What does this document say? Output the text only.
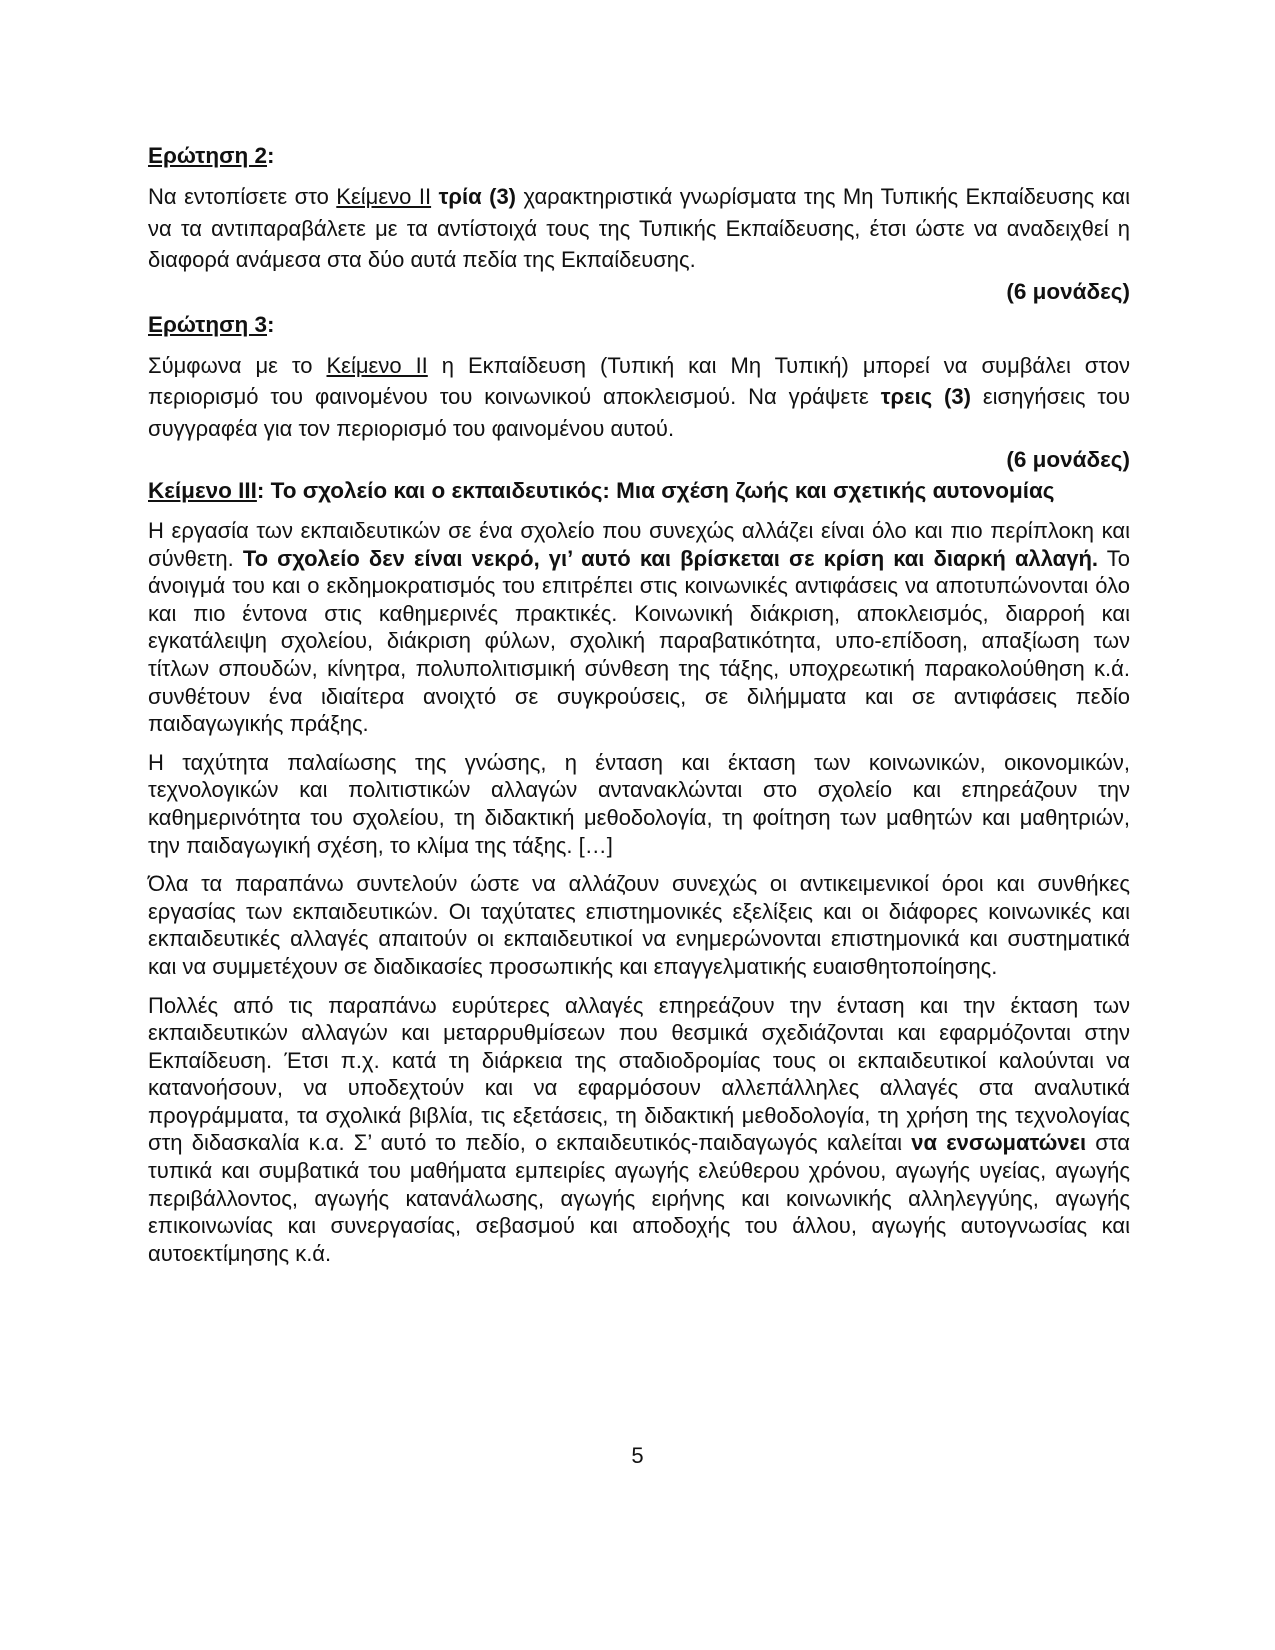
Ερώτηση 2:

Να εντοπίσετε στο Κείμενο ΙΙ τρία (3) χαρακτηριστικά γνωρίσματα της Μη Τυπικής Εκπαίδευσης και να τα αντιπαραβάλετε με τα αντίστοιχά τους της Τυπικής Εκπαίδευσης, έτσι ώστε να αναδειχθεί η διαφορά ανάμεσα στα δύο αυτά πεδία της Εκπαίδευσης.

(6 μονάδες)

Ερώτηση 3:

Σύμφωνα με το Κείμενο ΙΙ η Εκπαίδευση (Τυπική και Μη Τυπική) μπορεί να συμβάλει στον περιορισμό του φαινομένου του κοινωνικού αποκλεισμού. Να γράψετε τρεις (3) εισηγήσεις του συγγραφέα για τον περιορισμό του φαινομένου αυτού.

(6 μονάδες)

Κείμενο ΙΙΙ: Το σχολείο και ο εκπαιδευτικός: Μια σχέση ζωής και σχετικής αυτονομίας

Η εργασία των εκπαιδευτικών σε ένα σχολείο που συνεχώς αλλάζει είναι όλο και πιο περίπλοκη και σύνθετη. Το σχολείο δεν είναι νεκρό, γι’ αυτό και βρίσκεται σε κρίση και διαρκή αλλαγή. Το άνοιγμά του και ο εκδημοκρατισμός του επιτρέπει στις κοινωνικές αντιφάσεις να αποτυπώνονται όλο και πιο έντονα στις καθημερινές πρακτικές. Κοινωνική διάκριση, αποκλεισμός, διαρροή και εγκατάλειψη σχολείου, διάκριση φύλων, σχολική παραβατικότητα, υπο-επίδοση, απαξίωση των τίτλων σπουδών, κίνητρα, πολυπολιτισμική σύνθεση της τάξης, υποχρεωτική παρακολούθηση κ.ά. συνθέτουν ένα ιδιαίτερα ανοιχτό σε συγκρούσεις, σε διλήμματα και σε αντιφάσεις πεδίο παιδαγωγικής πράξης.

Η ταχύτητα παλαίωσης της γνώσης, η ένταση και έκταση των κοινωνικών, οικονομικών, τεχνολογικών και πολιτιστικών αλλαγών αντανακλώνται στο σχολείο και επηρεάζουν την καθημερινότητα του σχολείου, τη διδακτική μεθοδολογία, τη φοίτηση των μαθητών και μαθητριών, την παιδαγωγική σχέση, το κλίμα της τάξης. […]

Όλα τα παραπάνω συντελούν ώστε να αλλάζουν συνεχώς οι αντικειμενικοί όροι και συνθήκες εργασίας των εκπαιδευτικών. Οι ταχύτατες επιστημονικές εξελίξεις και οι διάφορες κοινωνικές και εκπαιδευτικές αλλαγές απαιτούν οι εκπαιδευτικοί να ενημερώνονται επιστημονικά και συστηματικά και να συμμετέχουν σε διαδικασίες προσωπικής και επαγγελματικής ευαισθητοποίησης.

Πολλές από τις παραπάνω ευρύτερες αλλαγές επηρεάζουν την ένταση και την έκταση των εκπαιδευτικών αλλαγών και μεταρρυθμίσεων που θεσμικά σχεδιάζονται και εφαρμόζονται στην Εκπαίδευση. Έτσι π.χ. κατά τη διάρκεια της σταδιοδρομίας τους οι εκπαιδευτικοί καλούνται να κατανοήσουν, να υποδεχτούν και να εφαρμόσουν αλλεπάλληλες αλλαγές στα αναλυτικά προγράμματα, τα σχολικά βιβλία, τις εξετάσεις, τη διδακτική μεθοδολογία, τη χρήση της τεχνολογίας στη διδασκαλία κ.α. Σ’ αυτό το πεδίο, ο εκπαιδευτικός-παιδαγωγός καλείται να ενσωματώνει στα τυπικά και συμβατικά του μαθήματα εμπειρίες αγωγής ελεύθερου χρόνου, αγωγής υγείας, αγωγής περιβάλλοντος, αγωγής κατανάλωσης, αγωγής ειρήνης και κοινωνικής αλληλεγγύης, αγωγής επικοινωνίας και συνεργασίας, σεβασμού και αποδοχής του άλλου, αγωγής αυτογνωσίας και αυτοεκτίμησης κ.ά.

5
